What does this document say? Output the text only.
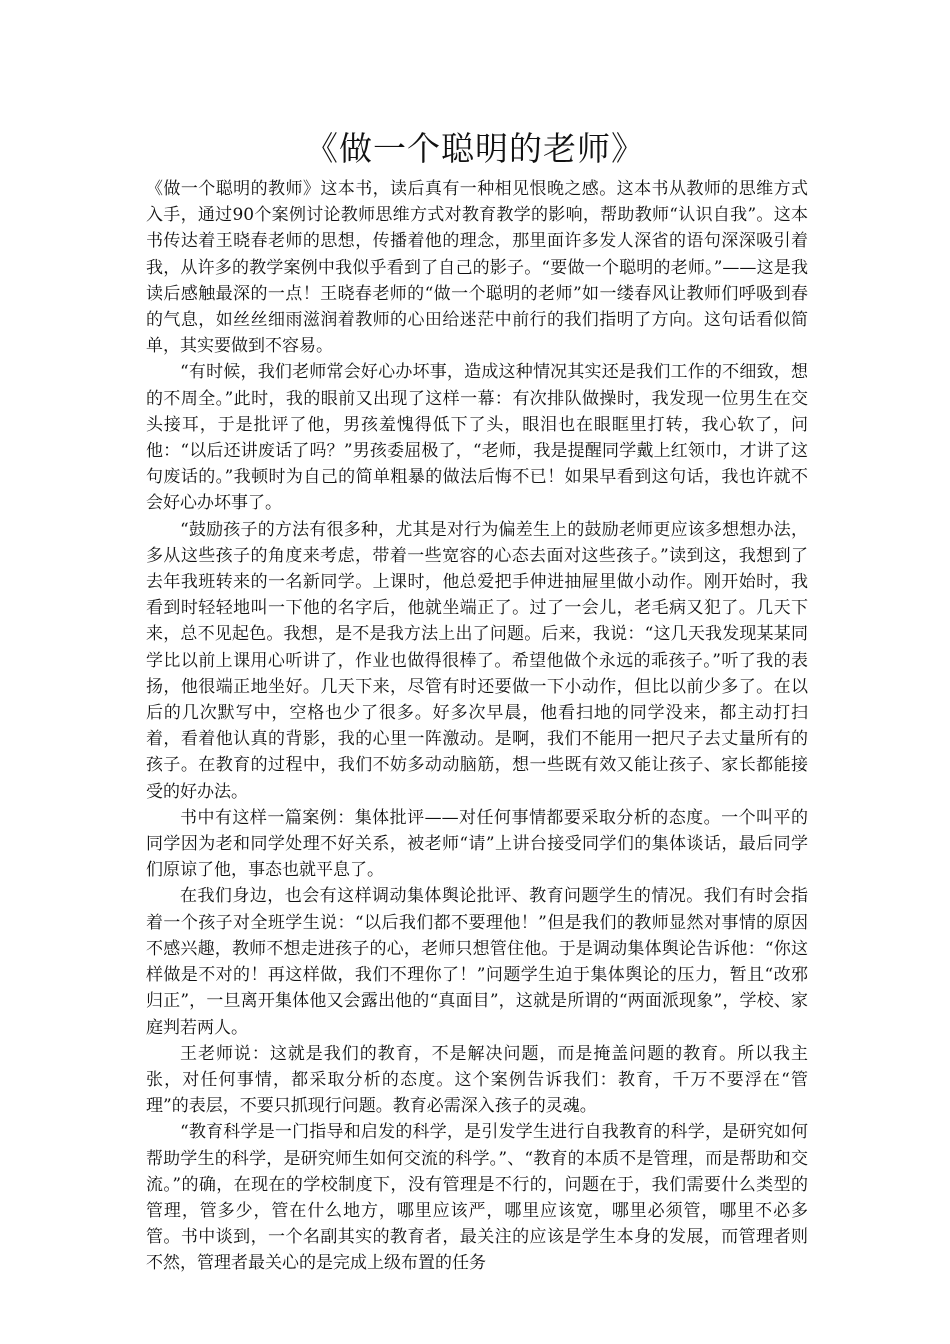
《做一个聪明的老师》

《做一个聪明的教师》这本书，读后真有一种相见恨晚之感。这本书从教师的思维方式入手，通过90个案例讨论教师思维方式对教育教学的影响，帮助教师“认识自我”。这本书传达着王晓春老师的思想，传播着他的理念，那里面许多发人深省的语句深深吸引着我，从许多的教学案例中我似乎看到了自己的影子。“要做一个聪明的老师。”——这是我读后感触最深的一点！王晓春老师的“做一个聪明的老师”如一缕春风让教师们呼吸到春的气息，如丝丝细雨滋润着教师的心田给迷茫中前行的我们指明了方向。这句话看似简单，其实要做到不容易。

“有时候，我们老师常会好心办坏事，造成这种情况其实还是我们工作的不细致，想的不周全。”此时，我的眼前又出现了这样一幕：有次排队做操时，我发现一位男生在交头接耳，于是批评了他，男孩羞愧得低下了头，眼泪也在眼眶里打转，我心软了，问他：“以后还讲废话了吗？”男孩委屈极了，“老师，我是提醒同学戴上红领巾，才讲了这句废话的。”我顿时为自己的简单粗暴的做法后悔不已！如果早看到这句话，我也许就不会好心办坏事了。

“鼓励孩子的方法有很多种，尤其是对行为偏差生上的鼓励老师更应该多想想办法，多从这些孩子的角度来考虑，带着一些宽容的心态去面对这些孩子。”读到这，我想到了去年我班转来的一名新同学。上课时，他总爱把手伸进抽屉里做小动作。刚开始时，我看到时轻轻地叫一下他的名字后，他就坐端正了。过了一会儿，老毛病又犯了。几天下来，总不见起色。我想，是不是我方法上出了问题。后来，我说：“这几天我发现某某同学比以前上课用心听讲了，作业也做得很棒了。希望他做个永远的乖孩子。”听了我的表扬，他很端正地坐好。几天下来，尽管有时还要做一下小动作，但比以前少多了。在以后的几次默写中，空格也少了很多。好多次早晨，他看扫地的同学没来，都主动打扫着，看着他认真的背影，我的心里一阵激动。是啊，我们不能用一把尺子去丈量所有的孩子。在教育的过程中，我们不妨多动动脑筋，想一些既有效又能让孩子、家长都能接受的好办法。

书中有这样一篇案例：集体批评——对任何事情都要采取分析的态度。一个叫平的同学因为老和同学处理不好关系，被老师“请”上讲台接受同学们的集体谈话，最后同学们原谅了他，事态也就平息了。

在我们身边，也会有这样调动集体舆论批评、教育问题学生的情况。我们有时会指着一个孩子对全班学生说：“以后我们都不要理他！”但是我们的教师显然对事情的原因不感兴趣，教师不想走进孩子的心，老师只想管住他。于是调动集体舆论告诉他：“你这样做是不对的！再这样做，我们不理你了！”问题学生迫于集体舆论的压力，暂且“改邪归正”，一旦离开集体他又会露出他的“真面目”，这就是所谓的“两面派现象”，学校、家庭判若两人。

王老师说：这就是我们的教育，不是解决问题，而是掩盖问题的教育。所以我主张，对任何事情，都采取分析的态度。这个案例告诉我们：教育，千万不要浮在“管理”的表层，不要只抓现行问题。教育必需深入孩子的灵魂。

“教育科学是一门指导和启发的科学，是引发学生进行自我教育的科学，是研究如何帮助学生的科学，是研究师生如何交流的科学。”、“教育的本质不是管理，而是帮助和交流。”的确，在现在的学校制度下，没有管理是不行的，问题在于，我们需要什么类型的管理，管多少，管在什么地方，哪里应该严，哪里应该宽，哪里必须管，哪里不必多管。书中谈到，一个名副其实的教育者，最关注的应该是学生本身的发展，而管理者则不然，管理者最关心的是完成上级布置的任务
